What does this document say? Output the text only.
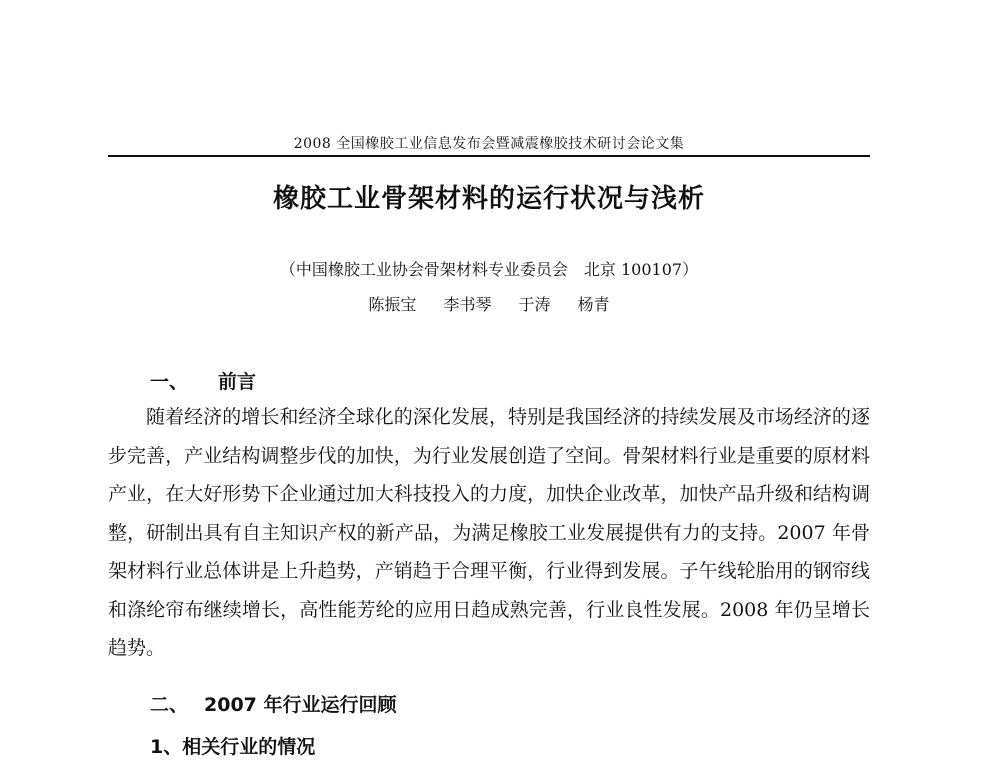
2008 全国橡胶工业信息发布会暨减震橡胶技术研讨会论文集
橡胶工业骨架材料的运行状况与浅析
（中国橡胶工业协会骨架材料专业委员会　北京 100107）
陈振宝 李书琴 于涛 杨青
一、 前言

随着经济的增长和经济全球化的深化发展，特别是我国经济的持续发展及市场经济的逐步完善，产业结构调整步伐的加快，为行业发展创造了空间。骨架材料行业是重要的原材料产业，在大好形势下企业通过加大科技投入的力度，加快企业改革，加快产品升级和结构调整，研制出具有自主知识产权的新产品，为满足橡胶工业发展提供有力的支持。2007 年骨架材料行业总体讲是上升趋势，产销趋于合理平衡，行业得到发展。子午线轮胎用的钢帘线和涤纶帘布继续增长，高性能芳纶的应用日趋成熟完善，行业良性发展。2008 年仍呈增长趋势。

二、 2007 年行业运行回顾
1、相关行业的情况
